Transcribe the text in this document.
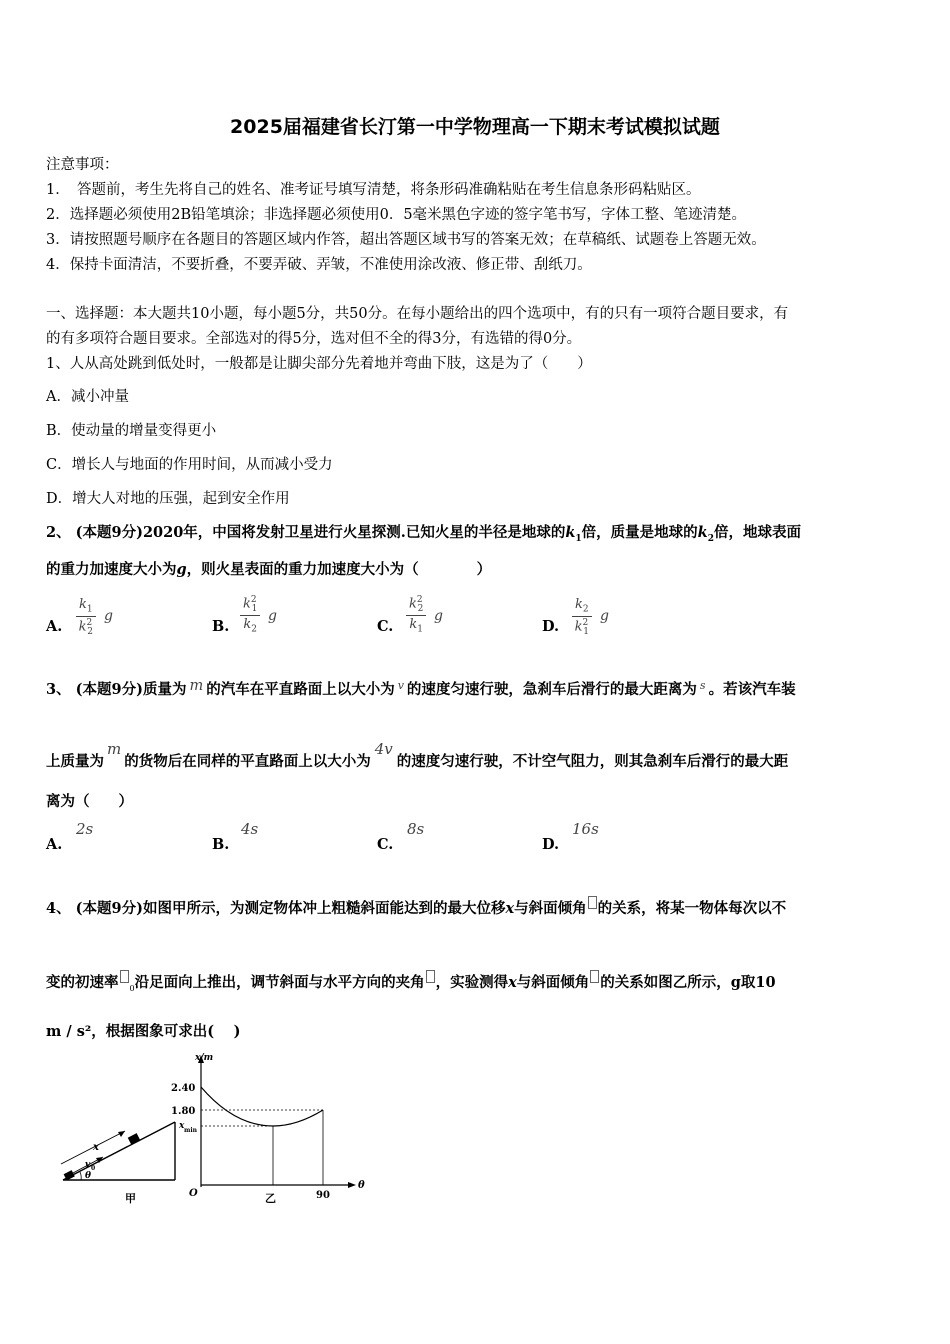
2025届福建省长汀第一中学物理高一下期末考试模拟试题
注意事项：
1．　答题前，考生先将自己的姓名、准考证号填写清楚，将条形码准确粘贴在考生信息条形码粘贴区。
2．选择题必须使用2B铅笔填涂；非选择题必须使用0．5毫米黑色字迹的签字笔书写，字体工整、笔迹清楚。
3．请按照题号顺序在各题目的答题区域内作答，超出答题区域书写的答案无效；在草稿纸、试题卷上答题无效。
4．保持卡面清洁，不要折叠，不要弄破、弄皱，不准使用涂改液、修正带、刮纸刀。
一、选择题：本大题共10小题，每小题5分，共50分。在每小题给出的四个选项中，有的只有一项符合题目要求，有
的有多项符合题目要求。全部选对的得5分，选对但不全的得3分，有选错的得0分。
1、人从高处跳到低处时，一般都是让脚尖部分先着地并弯曲下肢，这是为了（　　）
A．减小冲量
B．使动量的增量变得更小
C．增长人与地面的作用时间，从而减小受力
D．增大人对地的压强，起到安全作用
2、 (本题9分)2020年，中国将发射卫星进行火星探测.已知火星的半径是地球的$k_1$倍，质量是地球的$k_2$倍，地球表面
的重力加速度大小为g，则火星表面的重力加速度大小为（　　　　）
A. $\frac{k_1}{k^2_2}$ g
B. $\frac{k^2_1}{k_2}$ g
C. $\frac{k^2_2}{k_1}$ g
D. $\frac{k_2}{k^2_1}$ g
3、 (本题9分)质量为 m 的汽车在平直路面上以大小为 $^v$ 的速度匀速行驶，急刹车后滑行的最大距离为 $^s$ 。若该汽车装
上质量为m的货物后在同样的平直路面上以大小为4v的速度匀速行驶，不计空气阻力，则其急刹车后滑行的最大距
离为（　　）
A.
2s
B.
4s
C.
8s
D.
16s
4、 (本题9分)如图甲所示，为测定物体冲上粗糙斜面能达到的最大位移x与斜面倾角 的关系，将某一物体每次以不
变的初速率 $_0$沿足面向上推出，调节斜面与水平方向的夹角 ，实验测得x与斜面倾角 的关系如图乙所示，g取10
m / s²，根据图象可求出(　 )
x
v 0
θ
甲
x/m
θ
2.40
1.80
x min
O	90
乙
